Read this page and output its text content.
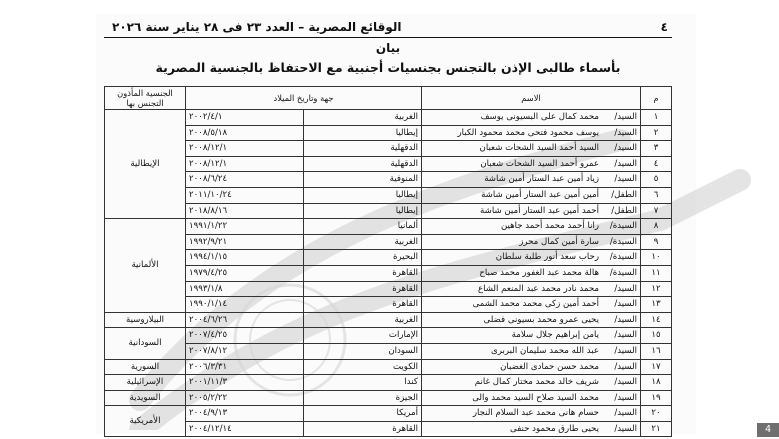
٤
الوقائع المصرية – العدد ٢٣ فى ٢٨ يناير سنة ٢٠٢٦
بيان
بأسماء طالبى الإذن بالتجنس بجنسيات أجنبية مع الاحتفاظ بالجنسية المصرية
م	الاسم	جهة وتاريخ الميلاد		الجنسية المأذون التجنس بها
١	السيد/محمد كمال على البسيونى يوسف	الغربية	٢٠٠٢/٤/١	الإيطالية
٢	السيد/يوسف محمود فتحى محمد محمود الكبار	إيطاليا	٢٠٠٨/٥/١٨	
٣	السيد/السيد أحمد السيد الشحات شعبان	الدقهلية	٢٠٠٨/١٢/١	
٤	السيد/عمرو أحمد السيد الشحات شعبان	الدقهلية	٢٠٠٨/١٢/١	
٥	السيد/زياد أمين عبد الستار أمين شاشة	المنوفية	٢٠٠٨/٦/٢٤	
٦	الطفل/أمين أمين عبد الستار أمين شاشة	إيطاليا	٢٠١١/١٠/٢٤	
٧	الطفل/أحمد أمين عبد الستار أمين شاشة	إيطاليا	٢٠١٨/٨/١٦	
٨	السيدة/رانا أحمد محمد أحمد جاهين	ألمانيا	١٩٩١/١/٢٢	الألمانية
٩	السيدة/سارة أمين كمال محرز	الغربية	١٩٩٢/٩/٢١	
١٠	السيدة/رحاب سعد أنور طلبة سلطان	البحيرة	١٩٩٤/١/١٥	
١١	السيدة/هالة محمد عبد الغفور محمد صباح	القاهرة	١٩٧٩/٤/٢٥	
١٢	السيد/محمد نادر محمد عبد المنعم الشاع	القاهرة	١٩٩٣/١/٨	
١٣	السيد/أحمد أمين زكى محمد محمد الشمى	القاهرة	١٩٩٠/١/١٤	
١٤	السيد/يحيى عمرو محمد بسيونى فضلى	الغربية	٢٠٠٤/٦/٢٦	البيلاروسية
١٥	السيد/يامن إبراهيم جلال سلامة	الإمارات	٢٠٠٧/٤/٢٥	السودانية
١٦	السيد/عبد الله محمد سليمان البربرى	السودان	٢٠٠٧/٨/١٢	
١٧	السيد/محمد حسن حمادى الغضبان	الكويت	٢٠٠٦/٣/٣١	السورية
١٨	السيد/شريف خالد محمد مختار كمال غانم	كندا	٢٠٠١/١١/٣	الإسرائيلية
١٩	السيد/محمد السيد صلاح السيد محمد والى	الجيزة	٢٠٠٥/٢/٢٢	السويدية
٢٠	السيد/حسام هانى محمد عبد السلام النجار	أمريكا	٢٠٠٤/٩/١٣	الأمريكية
٢١	السيد/يحيى طارق محمود حنفى	القاهرة	٢٠٠٤/١٢/١٤		4
